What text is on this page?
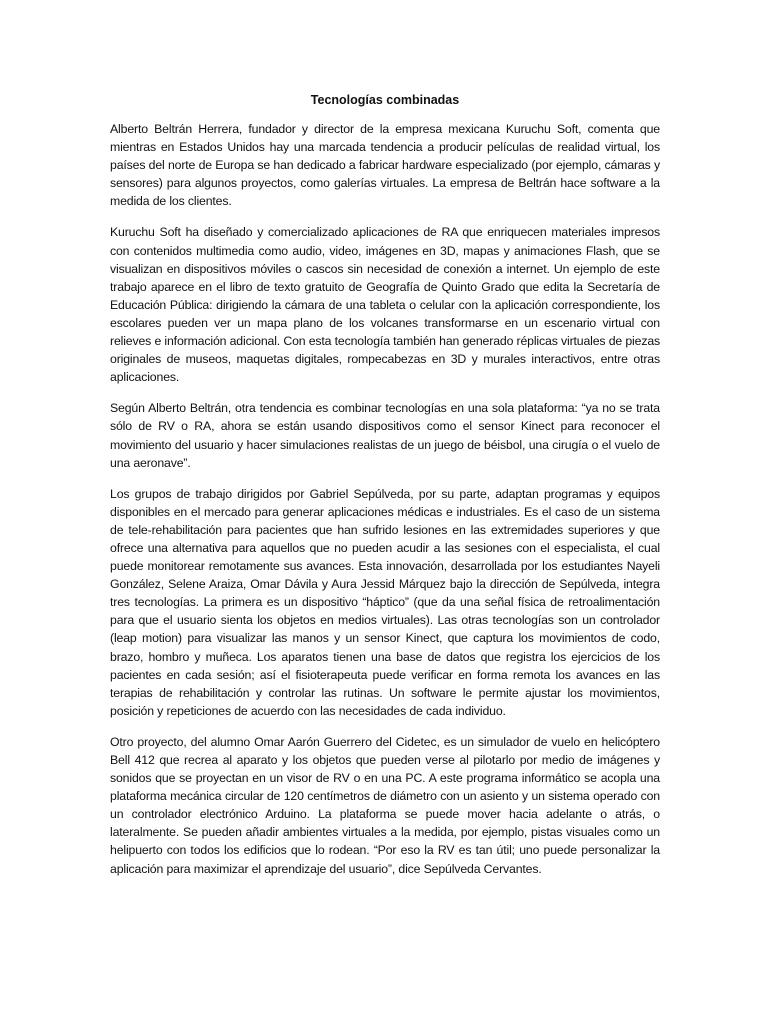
Tecnologías combinadas

Alberto Beltrán Herrera, fundador y director de la empresa mexicana Kuruchu Soft, comenta que mientras en Estados Unidos hay una marcada tendencia a producir películas de realidad virtual, los países del norte de Europa se han dedicado a fabricar hardware especializado (por ejemplo, cámaras y sensores) para algunos proyectos, como galerías virtuales. La empresa de Beltrán hace software a la medida de los clientes.

Kuruchu Soft ha diseñado y comercializado aplicaciones de RA que enriquecen materiales impresos con contenidos multimedia como audio, video, imágenes en 3D, mapas y animaciones Flash, que se visualizan en dispositivos móviles o cascos sin necesidad de conexión a internet. Un ejemplo de este trabajo aparece en el libro de texto gratuito de Geografía de Quinto Grado que edita la Secretaría de Educación Pública: dirigiendo la cámara de una tableta o celular con la aplicación correspondiente, los escolares pueden ver un mapa plano de los volcanes transformarse en un escenario virtual con relieves e información adicional. Con esta tecnología también han generado réplicas virtuales de piezas originales de museos, maquetas digitales, rompecabezas en 3D y murales interactivos, entre otras aplicaciones.

Según Alberto Beltrán, otra tendencia es combinar tecnologías en una sola plataforma: “ya no se trata sólo de RV o RA, ahora se están usando dispositivos como el sensor Kinect para reconocer el movimiento del usuario y hacer simulaciones realistas de un juego de béisbol, una cirugía o el vuelo de una aeronave”.

Los grupos de trabajo dirigidos por Gabriel Sepúlveda, por su parte, adaptan programas y equipos disponibles en el mercado para generar aplicaciones médicas e industriales. Es el caso de un sistema de tele-rehabilitación para pacientes que han sufrido lesiones en las extremidades superiores y que ofrece una alternativa para aquellos que no pueden acudir a las sesiones con el especialista, el cual puede monitorear remotamente sus avances. Esta innovación, desarrollada por los estudiantes Nayeli González, Selene Araiza, Omar Dávila y Aura Jessid Márquez bajo la dirección de Sepúlveda, integra tres tecnologías. La primera es un dispositivo “háptico” (que da una señal física de retroalimentación para que el usuario sienta los objetos en medios virtuales). Las otras tecnologías son un controlador (leap motion) para visualizar las manos y un sensor Kinect, que captura los movimientos de codo, brazo, hombro y muñeca. Los aparatos tienen una base de datos que registra los ejercicios de los pacientes en cada sesión; así el fisioterapeuta puede verificar en forma remota los avances en las terapias de rehabilitación y controlar las rutinas. Un software le permite ajustar los movimientos, posición y repeticiones de acuerdo con las necesidades de cada individuo.

Otro proyecto, del alumno Omar Aarón Guerrero del Cidetec, es un simulador de vuelo en helicóptero Bell 412 que recrea al aparato y los objetos que pueden verse al pilotarlo por medio de imágenes y sonidos que se proyectan en un visor de RV o en una PC. A este programa informático se acopla una plataforma mecánica circular de 120 centímetros de diámetro con un asiento y un sistema operado con un controlador electrónico Arduino. La plataforma se puede mover hacia adelante o atrás, o lateralmente. Se pueden añadir ambientes virtuales a la medida, por ejemplo, pistas visuales como un helipuerto con todos los edificios que lo rodean. “Por eso la RV es tan útil; uno puede personalizar la aplicación para maximizar el aprendizaje del usuario”, dice Sepúlveda Cervantes.
